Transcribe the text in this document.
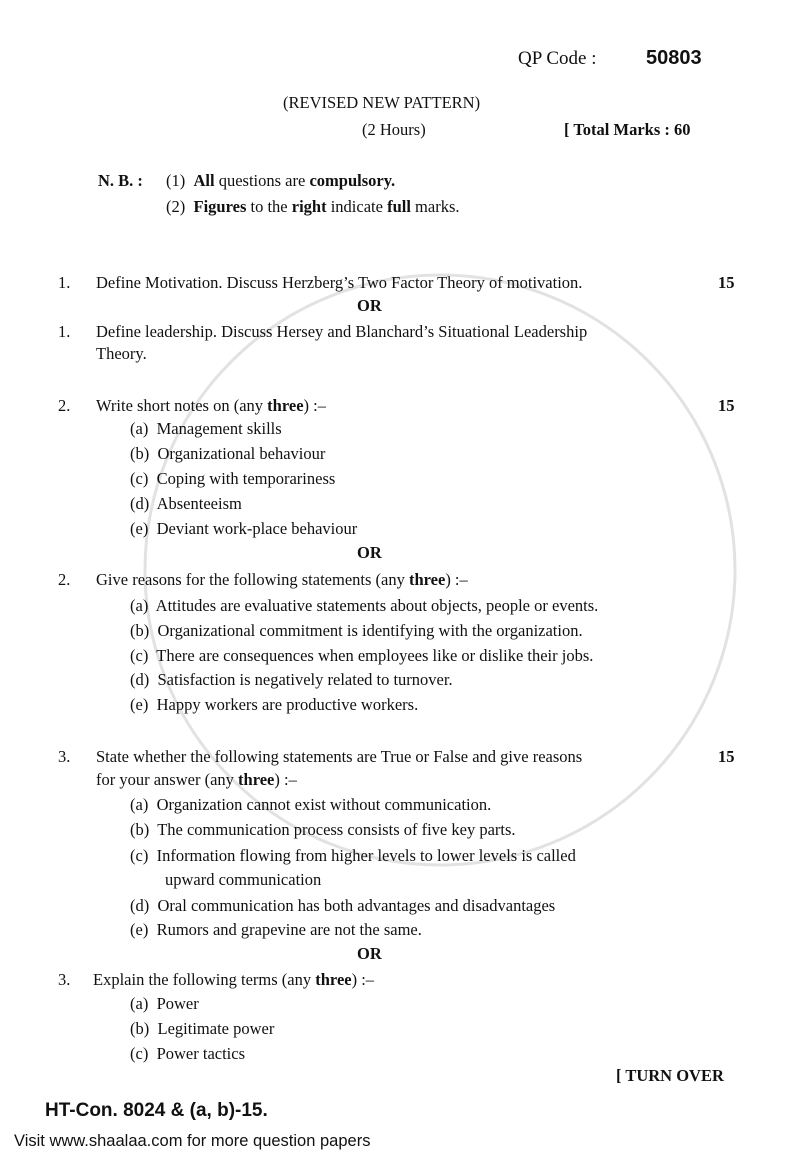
QP Code : 50803
(REVISED NEW PATTERN)
(2 Hours)	[ Total Marks : 60
N. B. : (1) All questions are compulsory.
(2) Figures to the right indicate full marks.
1. Define Motivation. Discuss Herzberg’s Two Factor Theory of motivation.	15
OR
1. Define leadership. Discuss Hersey and Blanchard’s Situational Leadership
Theory.
2. Write short notes on (any three) :–	15
(a) Management skills
(b) Organizational behaviour
(c) Coping with temporariness
(d) Absenteeism
(e) Deviant work-place behaviour
OR
2. Give reasons for the following statements (any three) :–
(a) Attitudes are evaluative statements about objects, people or events.
(b) Organizational commitment is identifying with the organization.
(c) There are consequences when employees like or dislike their jobs.
(d) Satisfaction is negatively related to turnover.
(e) Happy workers are productive workers.
3. State whether the following statements are True or False and give reasons	15
for your answer (any three) :–
(a) Organization cannot exist without communication.
(b) The communication process consists of five key parts.
(c) Information flowing from higher levels to lower levels is called
upward communication
(d) Oral communication has both advantages and disadvantages
(e) Rumors and grapevine are not the same.
OR
3. Explain the following terms (any three) :–
(a) Power
(b) Legitimate power
(c) Power tactics
[ TURN OVER
HT-Con. 8024 & (a, b)-15.
Visit www.shaalaa.com for more question papers
